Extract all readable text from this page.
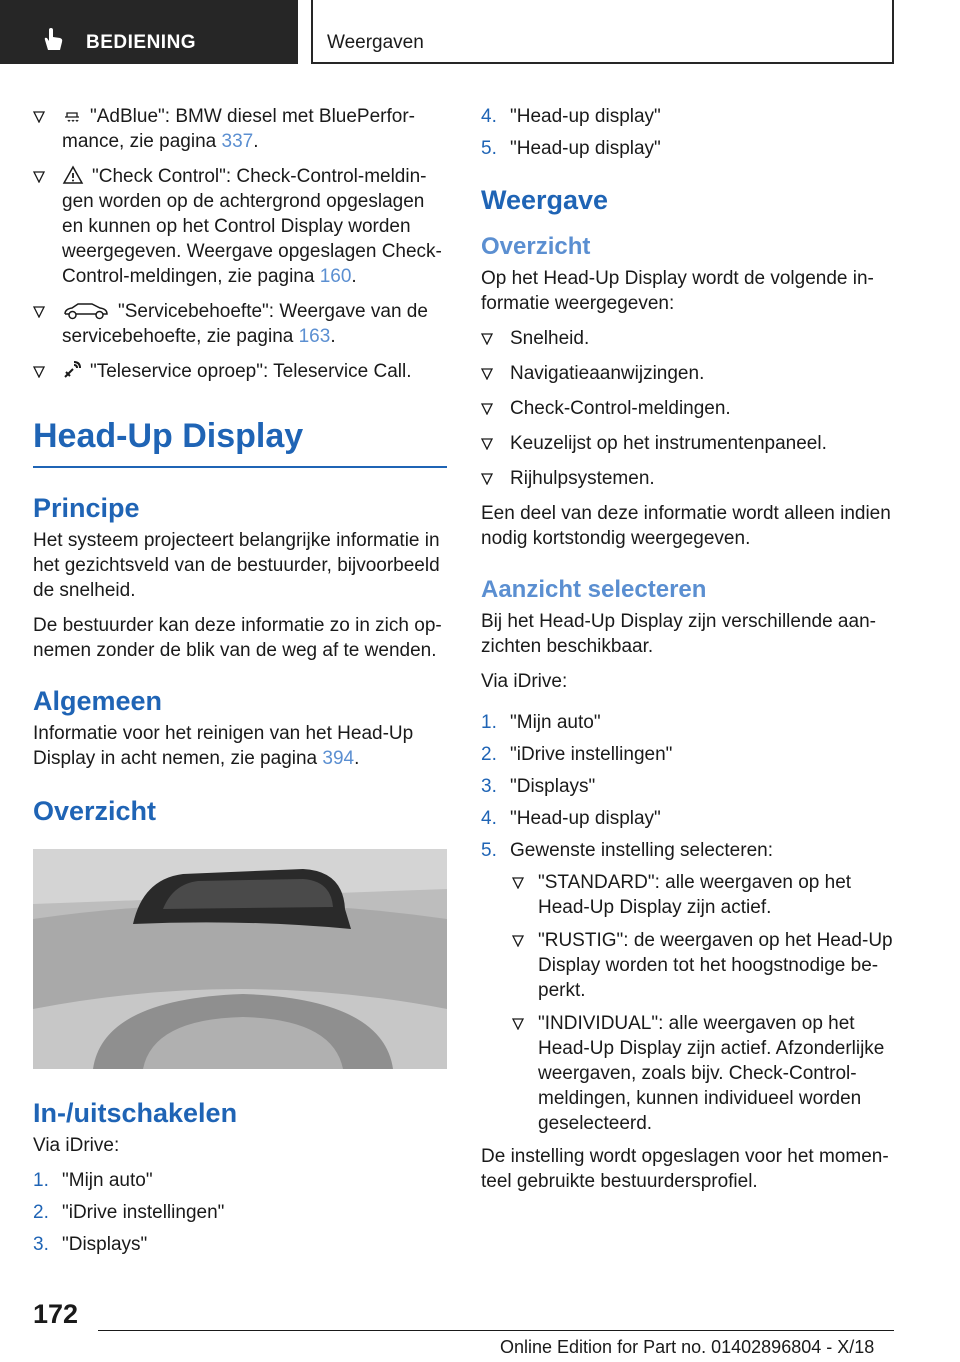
BEDIENING	Weergaven
"AdBlue": BMW diesel met BluePerfor-mance, zie pagina 337.
"Check Control": Check-Control-meldin-gen worden op de achtergrond opgeslagen en kunnen op het Control Display worden weergegeven. Weergave opgeslagen Check-Control-meldingen, zie pagina 160.
"Servicebehoefte": Weergave van de servicebehoefte, zie pagina 163.
"Teleservice oproep": Teleservice Call.
Head-Up Display
Principe

Het systeem projecteert belangrijke informatie in het gezichtsveld van de bestuurder, bijvoorbeeld de snelheid.

De bestuurder kan deze informatie zo in zich op-nemen zonder de blik van de weg af te wenden.

Algemeen

Informatie voor het reinigen van het Head-Up Display in acht nemen, zie pagina 394.

Overzicht
In-/uitschakelen

Via iDrive:

1. "Mijn auto"
2. "iDrive instellingen"
3. "Displays"
4. "Head-up display"
5. "Head-up display"
Weergave
Overzicht

Op het Head-Up Display wordt de volgende in-formatie weergegeven:

Snelheid.
Navigatieaanwijzingen.
Check-Control-meldingen.
Keuzelijst op het instrumentenpaneel.
Rijhulpsystemen.

Een deel van deze informatie wordt alleen indien nodig kortstondig weergegeven.

Aanzicht selecteren

Bij het Head-Up Display zijn verschillende aan-zichten beschikbaar.

Via iDrive:

1. "Mijn auto"
2. "iDrive instellingen"
3. "Displays"
4. "Head-up display"
5. Gewenste instelling selecteren:
"STANDARD": alle weergaven op het Head-Up Display zijn actief.
"RUSTIG": de weergaven op het Head-Up Display worden tot het hoogstnodige be-perkt.
"INDIVIDUAL": alle weergaven op het Head-Up Display zijn actief. Afzonderlijke weergaven, zoals bijv. Check-Control-meldingen, kunnen individueel worden geselecteerd.

De instelling wordt opgeslagen voor het momen-teel gebruikte bestuurdersprofiel.

172
Online Edition for Part no. 01402896804 - X/18
